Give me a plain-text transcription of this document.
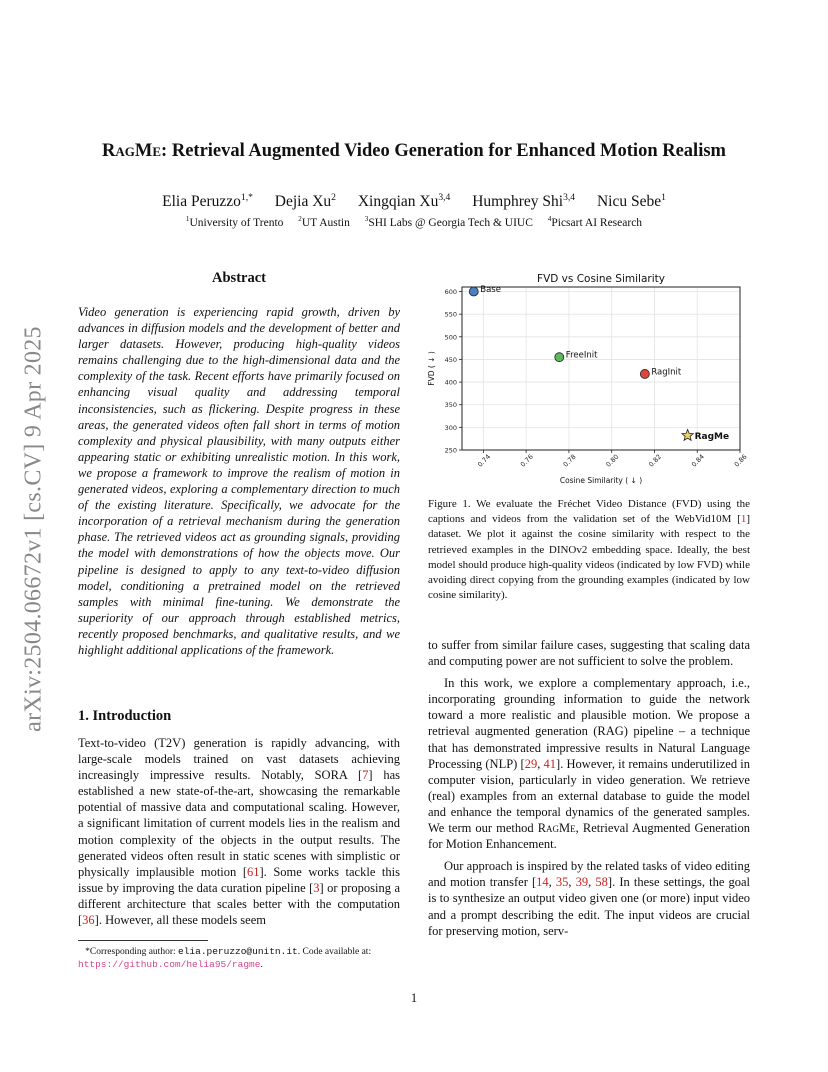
RagMe: Retrieval Augmented Video Generation for Enhanced Motion Realism
Elia Peruzzo$^{1,*}$ Dejia Xu$^2$ Xingqian Xu$^{3,4}$ Humphrey Shi$^{3,4}$ Nicu Sebe$^1$
$^1$University of Trento $^2$UT Austin $^3$SHI Labs @ Georgia Tech & UIUC $^4$Picsart AI Research
arXiv:2504.06672v1 [cs.CV] 9 Apr 2025
Abstract
Video generation is experiencing rapid growth, driven by advances in diffusion models and the development of better and larger datasets. However, producing high-quality videos remains challenging due to the high-dimensional data and the complexity of the task. Recent efforts have primarily focused on enhancing visual quality and addressing temporal inconsistencies, such as flickering. Despite progress in these areas, the generated videos often fall short in terms of motion complexity and physical plausibility, with many outputs either appearing static or exhibiting unrealistic motion. In this work, we propose a framework to improve the realism of motion in generated videos, exploring a complementary direction to much of the existing literature. Specifically, we advocate for the incorporation of a retrieval mechanism during the generation phase. The retrieved videos act as grounding signals, providing the model with demonstrations of how the objects move. Our pipeline is designed to apply to any text-to-video diffusion model, conditioning a pretrained model on the retrieved samples with minimal fine-tuning. We demonstrate the superiority of our approach through established metrics, recently proposed benchmarks, and qualitative results, and we highlight additional applications of the framework.
1. Introduction

Text-to-video (T2V) generation is rapidly advancing, with large-scale models trained on vast datasets achieving increasingly impressive results. Notably, SORA [7] has established a new state-of-the-art, showcasing the remarkable potential of massive data and computational scaling. However, a significant limitation of current models lies in the realism and motion complexity of the objects in the output results. The generated videos often result in static scenes with simplistic or physically implausible motion [61]. Some works tackle this issue by improving the data curation pipeline [3] or proposing a different architecture that scales better with the computation [36]. However, all these models seem

*Corresponding author: elia.peruzzo@unitn.it. Code available at: https://github.com/helia95/ragme.
FVD vs Cosine Similarity
250
300
350
400
450
500
550
600
0.74	0.76	0.78	0.80	0.82	0.84	0.86
Cosine Similarity ( ↓ )
FVD ( ↓ )
Base
FreeInit
RagInit
RagMe
Figure 1. We evaluate the Fréchet Video Distance (FVD) using the captions and videos from the validation set of the WebVid10M [1] dataset. We plot it against the cosine similarity with respect to the retrieved examples in the DINOv2 embedding space. Ideally, the best model should produce high-quality videos (indicated by low FVD) while avoiding direct copying from the grounding examples (indicated by low cosine similarity).

to suffer from similar failure cases, suggesting that scaling data and computing power are not sufficient to solve the problem.

In this work, we explore a complementary approach, i.e., incorporating grounding information to guide the network toward a more realistic and plausible motion. We propose a retrieval augmented generation (RAG) pipeline – a technique that has demonstrated impressive results in Natural Language Processing (NLP) [29, 41]. However, it remains underutilized in computer vision, particularly in video generation. We retrieve (real) examples from an external database to guide the model and enhance the temporal dynamics of the generated samples. We term our method RagMe, Retrieval Augmented Generation for Motion Enhancement.

Our approach is inspired by the related tasks of video editing and motion transfer [14, 35, 39, 58]. In these settings, the goal is to synthesize an output video given one (or more) input video and a prompt describing the edit. The input videos are crucial for preserving motion, serv-

1
